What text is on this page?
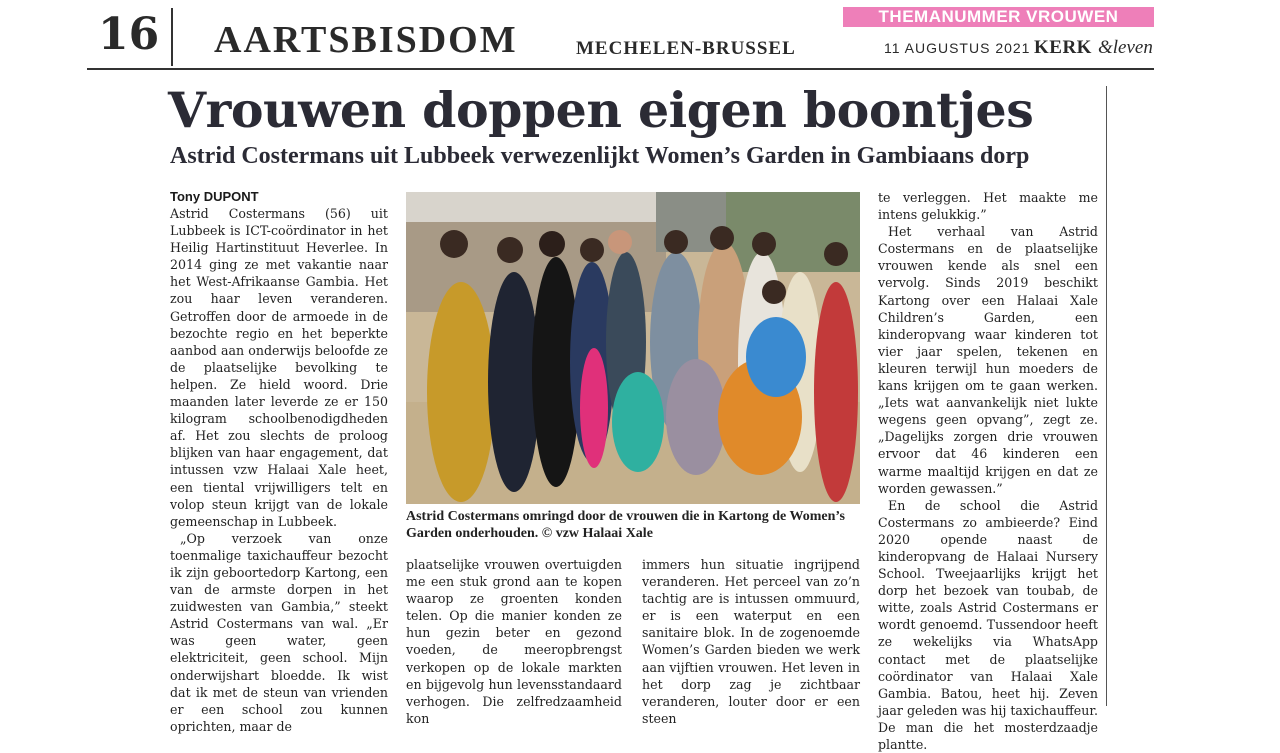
16 AARTSBISDOM	MECHELEN-BRUSSEL
THEMANUMMER VROUWEN
11 AUGUSTUS 2021 KERK &leven
Vrouwen doppen eigen boontjes
Astrid Costermans uit Lubbeek verwezenlijkt Women’s Garden in Gambiaans dorp
Tony DUPONT

Astrid Costermans (56) uit Lubbeek is ICT-coördinator in het Heilig Hartinstituut Heverlee. In 2014 ging ze met vakantie naar het West-Afrikaanse Gambia. Het zou haar leven veranderen. Getroffen door de armoede in de bezochte regio en het beperkte aanbod aan onderwijs beloofde ze de plaatselijke bevolking te helpen. Ze hield woord. Drie maanden later leverde ze er 150 kilogram schoolbenodigdheden af. Het zou slechts de proloog blijken van haar engagement, dat intussen vzw Halaai Xale heet, een tiental vrijwilligers telt en volop steun krijgt van de lokale gemeenschap in Lubbeek.

„Op verzoek van onze toenmalige taxichauffeur bezocht ik zijn geboortedorp Kartong, een van de armste dorpen in het zuidwesten van Gambia,” steekt Astrid Costermans van wal. „Er was geen water, geen elektriciteit, geen school. Mijn onderwijshart bloedde. Ik wist dat ik met de steun van vrienden er een school zou kunnen oprichten, maar de

Astrid Costermans omringd door de vrouwen die in Kartong de Women’s Garden onderhouden. © vzw Halaai Xale

plaatselijke vrouwen overtuigden me een stuk grond aan te kopen waarop ze groenten konden telen. Op die manier konden ze hun gezin beter en gezond voeden, de meeropbrengst verkopen op de lokale markten en bijgevolg hun levensstandaard verhogen. Die zelfredzaamheid kon

immers hun situatie ingrijpend veranderen. Het perceel van zo’n tachtig are is intussen ommuurd, er is een waterput en een sanitaire blok. In de zogenoemde Women’s Garden bieden we werk aan vijftien vrouwen. Het leven in het dorp zag je zichtbaar veranderen, louter door er een steen

te verleggen. Het maakte me intens gelukkig.”

Het verhaal van Astrid Costermans en de plaatselijke vrouwen kende als snel een vervolg. Sinds 2019 beschikt Kartong over een Halaai Xale Children’s Garden, een kinderopvang waar kinderen tot vier jaar spelen, tekenen en kleuren terwijl hun moeders de kans krijgen om te gaan werken. „Iets wat aanvankelijk niet lukte wegens geen opvang”, zegt ze. „Dagelijks zorgen drie vrouwen ervoor dat 46 kinderen een warme maaltijd krijgen en dat ze worden gewassen.”

En de school die Astrid Costermans zo ambieerde? Eind 2020 opende naast de kinderopvang de Halaai Nursery School. Tweejaarlijks krijgt het dorp het bezoek van toubab, de witte, zoals Astrid Costermans er wordt genoemd. Tussendoor heeft ze wekelijks via WhatsApp contact met de plaatselijke coördinator van Halaai Xale Gambia. Batou, heet hij. Zeven jaar geleden was hij taxichauffeur. De man die het mosterdzaadje plantte.
